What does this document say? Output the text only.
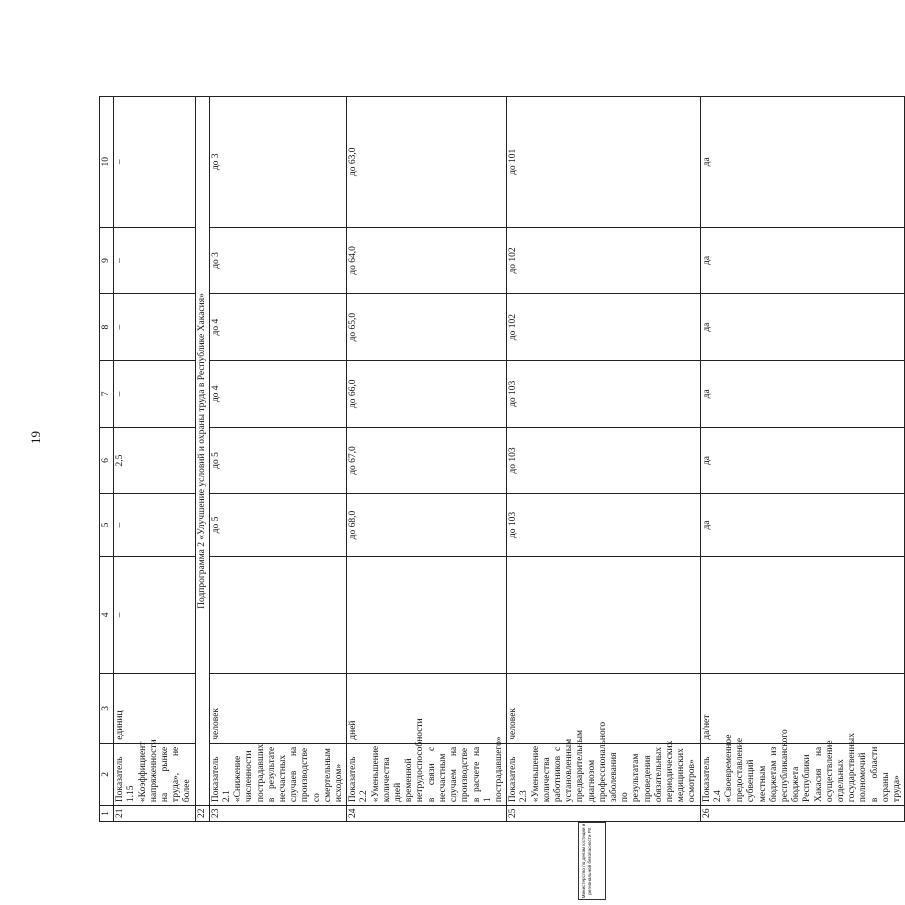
19
1	2	3	4	5	6	7	8	9	10
21	Показатель 1.15 «Коэффициент напряженности на рынке труда», не более	единиц	–	–	2,5	–	–	–	–
22	Подпрограмма 2 «Улучшение условий и охраны труда в Республике Хакасия»								
23	Показатель 2.1 «Снижение численности пострадавших в результате несчастных случаев на производстве со смертельным исходом»	человек		до 5	до 5	до 4	до 4	до 3	до 3
24	Показатель 2.2 «Уменьшение количества дней временной нетрудоспособности в связи с несчастным случаем на производстве в расчете на 1 пострадавшего»	дней		до 68,0	до 67,0	до 66,0	до 65,0	до 64,0	до 63,0
25	Показатель 2.3 «Уменьшение количества работников с установленным предварительным диагнозом профессионального заболевания по результатам проведения обязательных периодических медицинских осмотров»	человек		до 103	до 103	до 103	до 102	до 102	до 101
26	Показатель 2.4 «Своевременное предоставление субвенций местным бюджетам из республиканского бюджета Республики Хакасия на осуществление отдельных государственных полномочий в области охраны труда»	да/нет		да	да	да	да	да	да
Министерство по делам юстиции и региональной безопасности РХ
